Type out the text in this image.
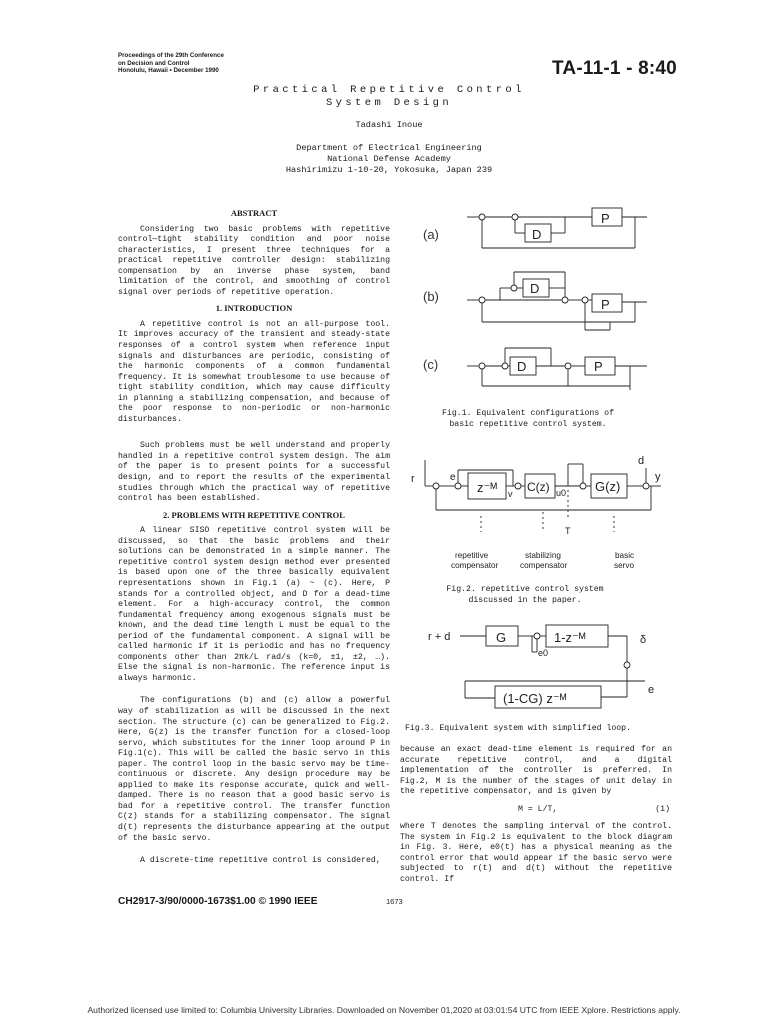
Proceedings of the 29th Conference
on Decision and Control
Honolulu, Hawaii • December 1990	TA-11-1 - 8:40
Practical Repetitive Control
System Design
Tadashi Inoue
Department of Electrical Engineering
National Defense Academy
Hashirimizu 1-10-20, Yokosuka, Japan 239
ABSTRACT

Considering two basic problems with repetitive control—tight stability condition and poor noise characteristics, I present three techniques for a practical repetitive controller design: stabilizing compensation by an inverse phase system, band limitation of the control, and smoothing of control signal over periods of repetitive operation.

1. INTRODUCTION

A repetitive control is not an all-purpose tool. It improves accuracy of the transient and steady-state responses of a control system when reference input signals and disturbances are periodic, consisting of the harmonic components of a common fundamental frequency. It is somewhat troublesome to use because of tight stability condition, which may cause difficulty in planning a stabilizing compensation, and because of the poor response to non-periodic or non-harmonic disturbances.

Such problems must be well understand and properly handled in a repetitive control system design. The aim of the paper is to present points for a successful design, and to report the results of the experimental studies through which the practical way of repetitive control has been established.

2. PROBLEMS WITH REPETITIVE CONTROL

A linear SISO repetitive control system will be discussed, so that the basic problems and their solutions can be demonstrated in a simple manner. The repetitive control system design method ever presented is based upon one of the three basically equivalent representations shown in Fig.1 (a) ~ (c). Here, P stands for a controlled object, and D for a dead-time element. For a high-accuracy control, the common fundamental frequency among exogenous signals must be known, and the dead time length L must be equal to the period of the fundamental component. A signal will be called harmonic if it is periodic and has no frequency components other than 2πk/L rad/s (k=0, ±1, ±2, …). Else the signal is non-harmonic. The reference input is always harmonic.

The configurations (b) and (c) allow a powerful way of stabilization as will be discussed in the next section. The structure (c) can be generalized to Fig.2. Here, G(z) is the transfer function for a closed-loop servo, which substitutes for the inner loop around P in Fig.1(c). This will be called the basic servo in this paper. The control loop in the basic servo may be time-continuous or discrete. Any design procedure may be applied to make its response accurate, quick and well-damped. There is no reason that a good basic servo is bad for a repetitive control. The transfer function C(z) stands for a stabilizing compensator. The signal d(t) represents the disturbance appearing at the output of the basic servo.

A discrete-time repetitive control is considered,

(a)
(b)
(c)
P
D
D
P
D	P
Fig.1. Equivalent configurations of
basic repetitive control system.
r	e
v	u0
d
y
T
z⁻ᴹ	C(z)	G(z)
repetitive
compensator
stabilizing
compensator
basic
servo
Fig.2. repetitive control system
discussed in the paper.
r + d	G	1-z⁻ᴹ
(1-CG) z⁻ᴹ
e0
δ
e
Fig.3. Equivalent system with simplified loop.

because an exact dead-time element is required for an accurate repetitive control, and a digital implementation of the controller is preferred. In Fig.2, M is the number of the stages of unit delay in the repetitive compensator, and is given by

M = L/T,	(1)

where T denotes the sampling interval of the control. The system in Fig.2 is equivalent to the block diagram in Fig. 3. Here, e0(t) has a physical meaning as the control error that would appear if the basic servo were subjected to r(t) and d(t) without the repetitive control. If

CH2917-3/90/0000-1673$1.00 © 1990 IEEE	1673
Authorized licensed use limited to: Columbia University Libraries. Downloaded on November 01,2020 at 03:01:54 UTC from IEEE Xplore. Restrictions apply.
